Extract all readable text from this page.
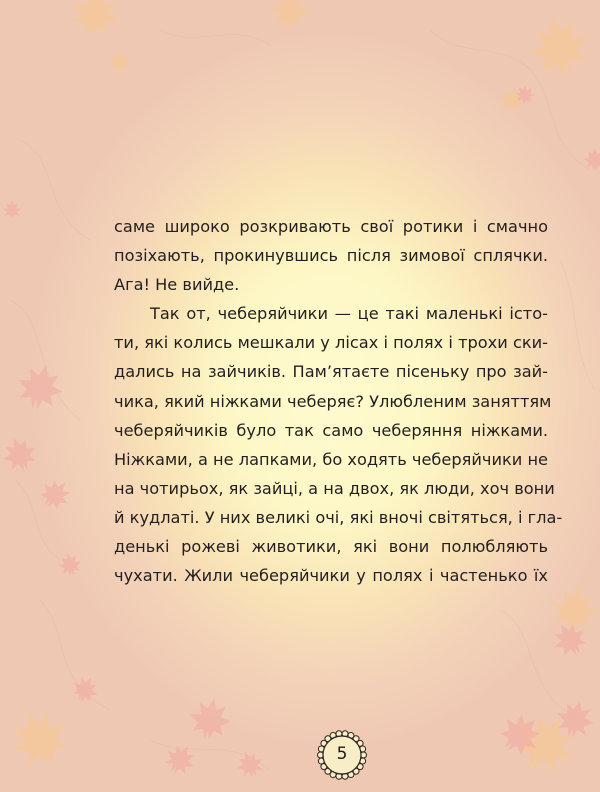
саме широко розкривають свої ротики і смачно
позіхають, прокинувшись після зимової сплячки.
Ага! Не вийде.
Так от, чеберяйчики — це такі маленькі істо-
ти, які колись мешкали у лісах і полях і трохи ски-
дались на зайчиків. Пам’ятаєте пісеньку про зай-
чика, який ніжками чеберяє? Улюбленим заняттям
чеберяйчиків було так само чеберяння ніжками.
Ніжками, а не лапками, бо ходять чеберяйчики не
на чотирьох, як зайці, а на двох, як люди, хоч вони
й кудлаті. У них великі очі, які вночі світяться, і гла-
денькі рожеві животики, які вони полюбляють
чухати. Жили чеберяйчики у полях і частенько їх
5
